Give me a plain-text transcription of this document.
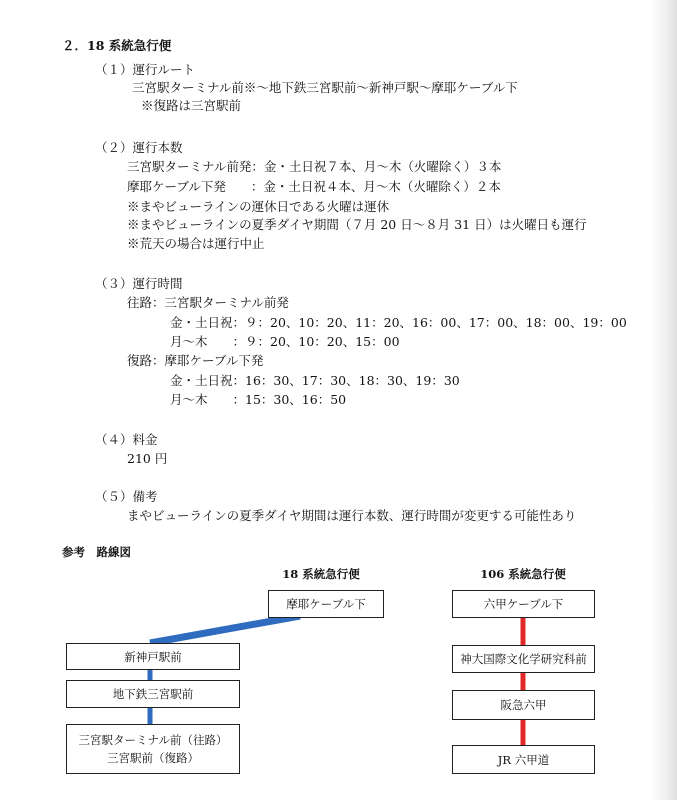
２．18 系統急行便
（１）運行ルート
三宮駅ターミナル前※～地下鉄三宮駅前～新神戸駅～摩耶ケーブル下
※復路は三宮駅前
（２）運行本数
三宮駅ターミナル前発：金・土日祝７本、月～木（火曜除く）３本
摩耶ケーブル下発　　：金・土日祝４本、月～木（火曜除く）２本
※まやビューラインの運休日である火曜は運休
※まやビューラインの夏季ダイヤ期間（７月 20 日～８月 31 日）は火曜日も運行
※荒天の場合は運行中止
（３）運行時間
往路：三宮駅ターミナル前発
金・土日祝：９：20、10：20、11：20、16：00、17：00、18：00、19：00
月～木　　：９：20、10：20、15：00
復路：摩耶ケーブル下発
金・土日祝：16：30、17：30、18：30、19：30
月～木　　：15：30、16：50
（４）料金
210 円
（５）備考
まやビューラインの夏季ダイヤ期間は運行本数、運行時間が変更する可能性あり
参考　路線図
18 系統急行便	106 系統急行便
摩耶ケーブル下
新神戸駅前
地下鉄三宮駅前
三宮駅ターミナル前（往路）
三宮駅前（復路）
六甲ケーブル下
神大国際文化学研究科前
阪急六甲
JR 六甲道
